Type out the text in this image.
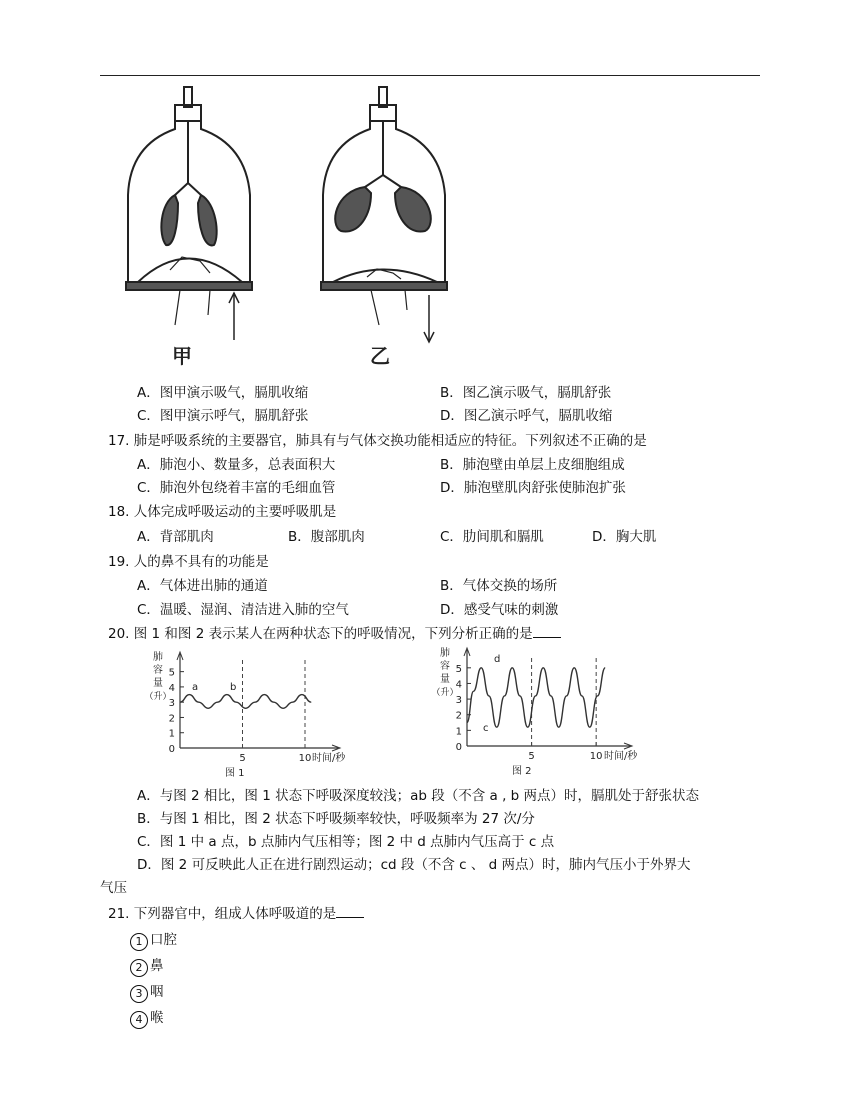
甲	乙
A．图甲演示吸气，膈肌收缩	B．图乙演示吸气，膈肌舒张
C．图甲演示呼气，膈肌舒张	D．图乙演示呼气，膈肌收缩
17. 肺是呼吸系统的主要器官，肺具有与气体交换功能相适应的特征。下列叙述不正确的是
A．肺泡小、数量多，总表面积大	B．肺泡壁由单层上皮细胞组成
C．肺泡外包绕着丰富的毛细血管	D．肺泡壁肌肉舒张使肺泡扩张
18. 人体完成呼吸运动的主要呼吸肌是
A．背部肌肉	B．腹部肌肉	C．肋间肌和膈肌	D．胸大肌
19. 人的鼻不具有的功能是
A．气体进出肺的通道	B．气体交换的场所
C．温暖、湿润、清洁进入肺的空气	D．感受气味的刺激
20. 图 1 和图 2 表示某人在两种状态下的呼吸情况，下列分析正确的是
0
1
2
3
4
5
5	10
肺
容
量
（升）
时间/秒
图 1
a	b
0
1
2
3
4
5
5	10
肺
容
量
（升）
时间/秒
图 2
c
d
A．与图 2 相比，图 1 状态下呼吸深度较浅；ab 段（不含 a , b 两点）时，膈肌处于舒张状态
B．与图 1 相比，图 2 状态下呼吸频率较快，呼吸频率为 27 次/分
C．图 1 中 a 点，b 点肺内气压相等；图 2 中 d 点肺内气压高于 c 点
D．图 2 可反映此人正在进行剧烈运动；cd 段（不含 c 、 d 两点）时，肺内气压小于外界大
气压
21. 下列器官中，组成人体呼吸道的是
1 口腔
2 鼻
3 咽
4 喉
